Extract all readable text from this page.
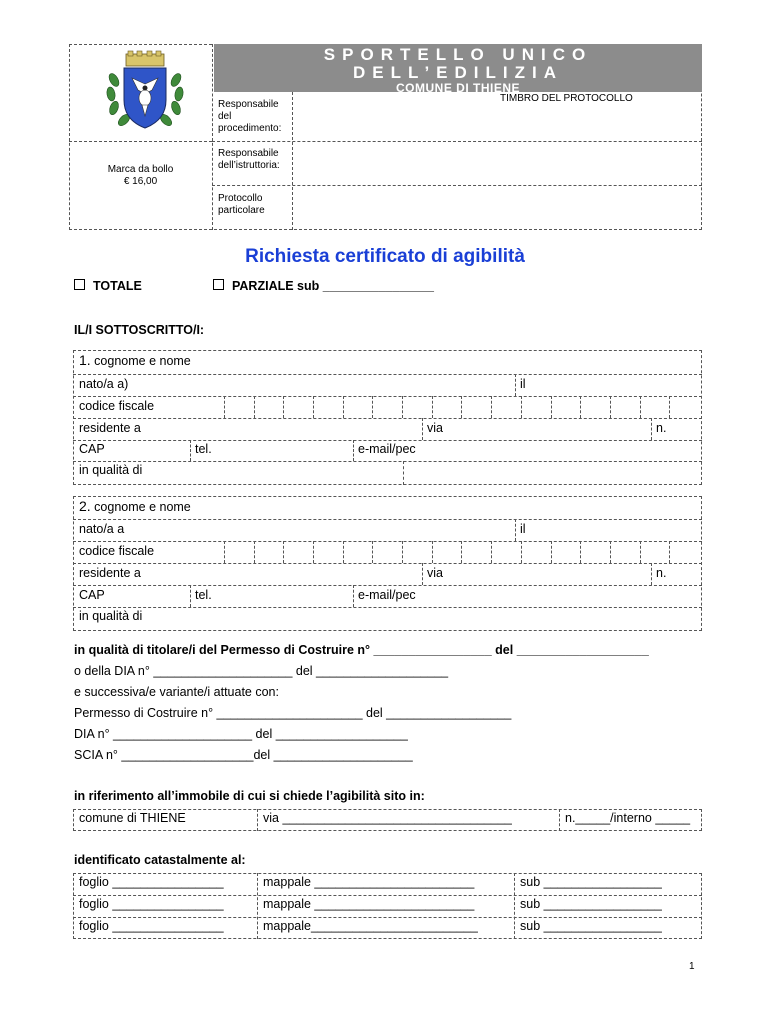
SPORTELLO UNICO
DELL’EDILIZIA
COMUNE DI THIENE
TIMBRO DEL PROTOCOLLO
Responsabile del procedimento:
Marca da bollo
€ 16,00
Responsabile dell’istruttoria:
Protocollo particolare
Richiesta certificato di agibilità
TOTALE	PARZIALE sub ________________
IL/I SOTTOSCRITTO/I:
1. cognome e nome
nato/a a)	il
codice fiscale
residente a	via	n.
CAP	tel.	e-mail/pec
in qualità di
2. cognome e nome
nato/a a	il
codice fiscale
residente a	via	n.
CAP	tel.	e-mail/pec
in qualità di
in qualità di titolare/i del Permesso di Costruire n° _________________ del ___________________
o della DIA n° ____________________ del ___________________
e successiva/e variante/i attuate con:
Permesso di Costruire n° _____________________ del __________________
DIA n° ____________________ del ___________________
SCIA n° ___________________del ____________________
in riferimento all’immobile di cui si chiede l’agibilità sito in:
comune di THIENE	via _________________________________	n._____/interno _____
identificato catastalmente al:
foglio ________________	mappale _______________________	sub _________________
foglio ________________	mappale _______________________	sub _________________
foglio ________________	mappale________________________	sub _________________
1
